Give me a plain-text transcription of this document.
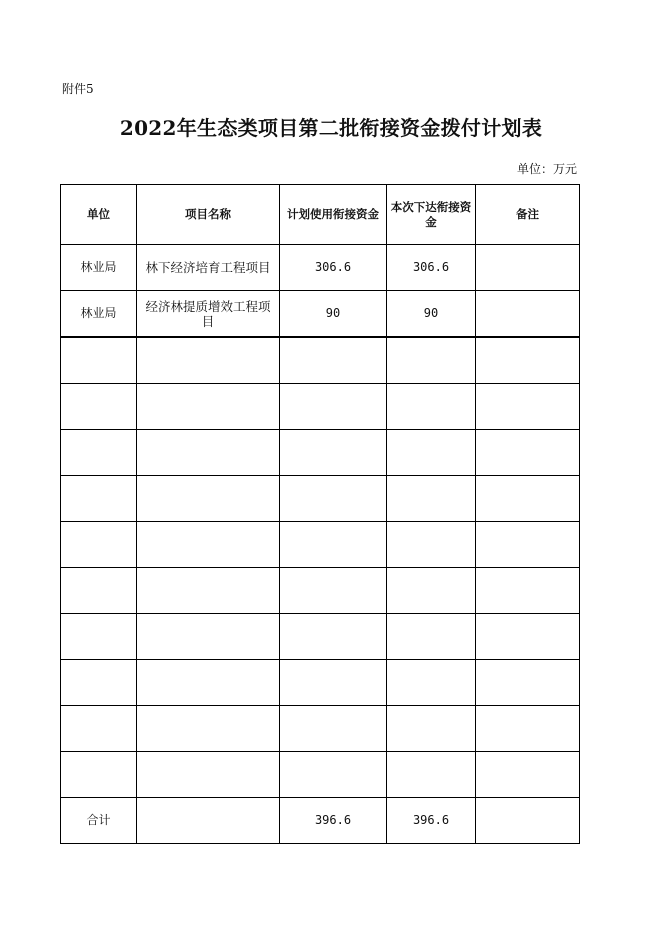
附件5
2022年生态类项目第二批衔接资金拨付计划表
单位：万元
单位	项目名称	计划使用衔接资金	本次下达衔接资金	备注
林业局	林下经济培育工程项目	306.6	306.6	
林业局	经济林提质增效工程项目	90	90	

合计		396.6	396.6	
